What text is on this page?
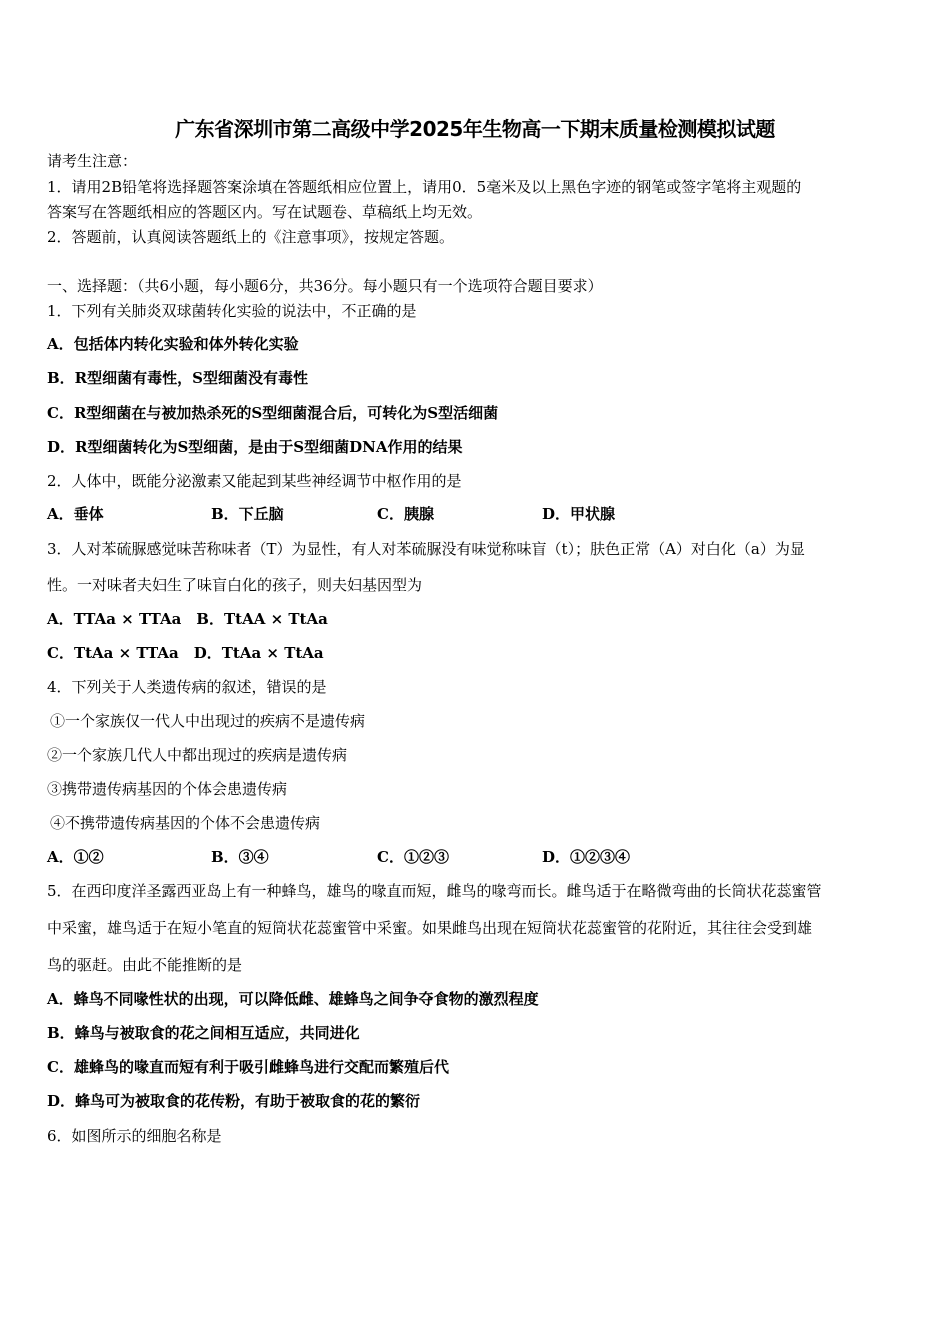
广东省深圳市第二高级中学2025年生物高一下期末质量检测模拟试题
请考生注意：
1．请用2B铅笔将选择题答案涂填在答题纸相应位置上，请用0．5毫米及以上黑色字迹的钢笔或签字笔将主观题的
答案写在答题纸相应的答题区内。写在试题卷、草稿纸上均无效。
2．答题前，认真阅读答题纸上的《注意事项》，按规定答题。
一、选择题：（共6小题，每小题6分，共36分。每小题只有一个选项符合题目要求）
1．下列有关肺炎双球菌转化实验的说法中，不正确的是
A．包括体内转化实验和体外转化实验
B．R型细菌有毒性，S型细菌没有毒性
C．R型细菌在与被加热杀死的S型细菌混合后，可转化为S型活细菌
D．R型细菌转化为S型细菌，是由于S型细菌DNA作用的结果
2．人体中，既能分泌激素又能起到某些神经调节中枢作用的是
A．垂体	B．下丘脑	C．胰腺	D．甲状腺
3．人对苯硫脲感觉味苦称味者（T）为显性，有人对苯硫脲没有味觉称味盲（t）；肤色正常（A）对白化（a）为显
性。一对味者夫妇生了味盲白化的孩子，则夫妇基因型为
A．TTAa × TTAa　B．TtAA × TtAa
C．TtAa × TTAa　D．TtAa × TtAa
4．下列关于人类遗传病的叙述，错误的是
①一个家族仅一代人中出现过的疾病不是遗传病
②一个家族几代人中都出现过的疾病是遗传病
③携带遗传病基因的个体会患遗传病
④不携带遗传病基因的个体不会患遗传病
A．①②	B．③④	C．①②③	D．①②③④
5．在西印度洋圣露西亚岛上有一种蜂鸟，雄鸟的喙直而短，雌鸟的喙弯而长。雌鸟适于在略微弯曲的长筒状花蕊蜜管
中采蜜，雄鸟适于在短小笔直的短筒状花蕊蜜管中采蜜。如果雌鸟出现在短筒状花蕊蜜管的花附近，其往往会受到雄
鸟的驱赶。由此不能推断的是
A．蜂鸟不同喙性状的出现，可以降低雌、雄蜂鸟之间争夺食物的激烈程度
B．蜂鸟与被取食的花之间相互适应，共同进化
C．雄蜂鸟的喙直而短有利于吸引雌蜂鸟进行交配而繁殖后代
D．蜂鸟可为被取食的花传粉，有助于被取食的花的繁衍
6．如图所示的细胞名称是
